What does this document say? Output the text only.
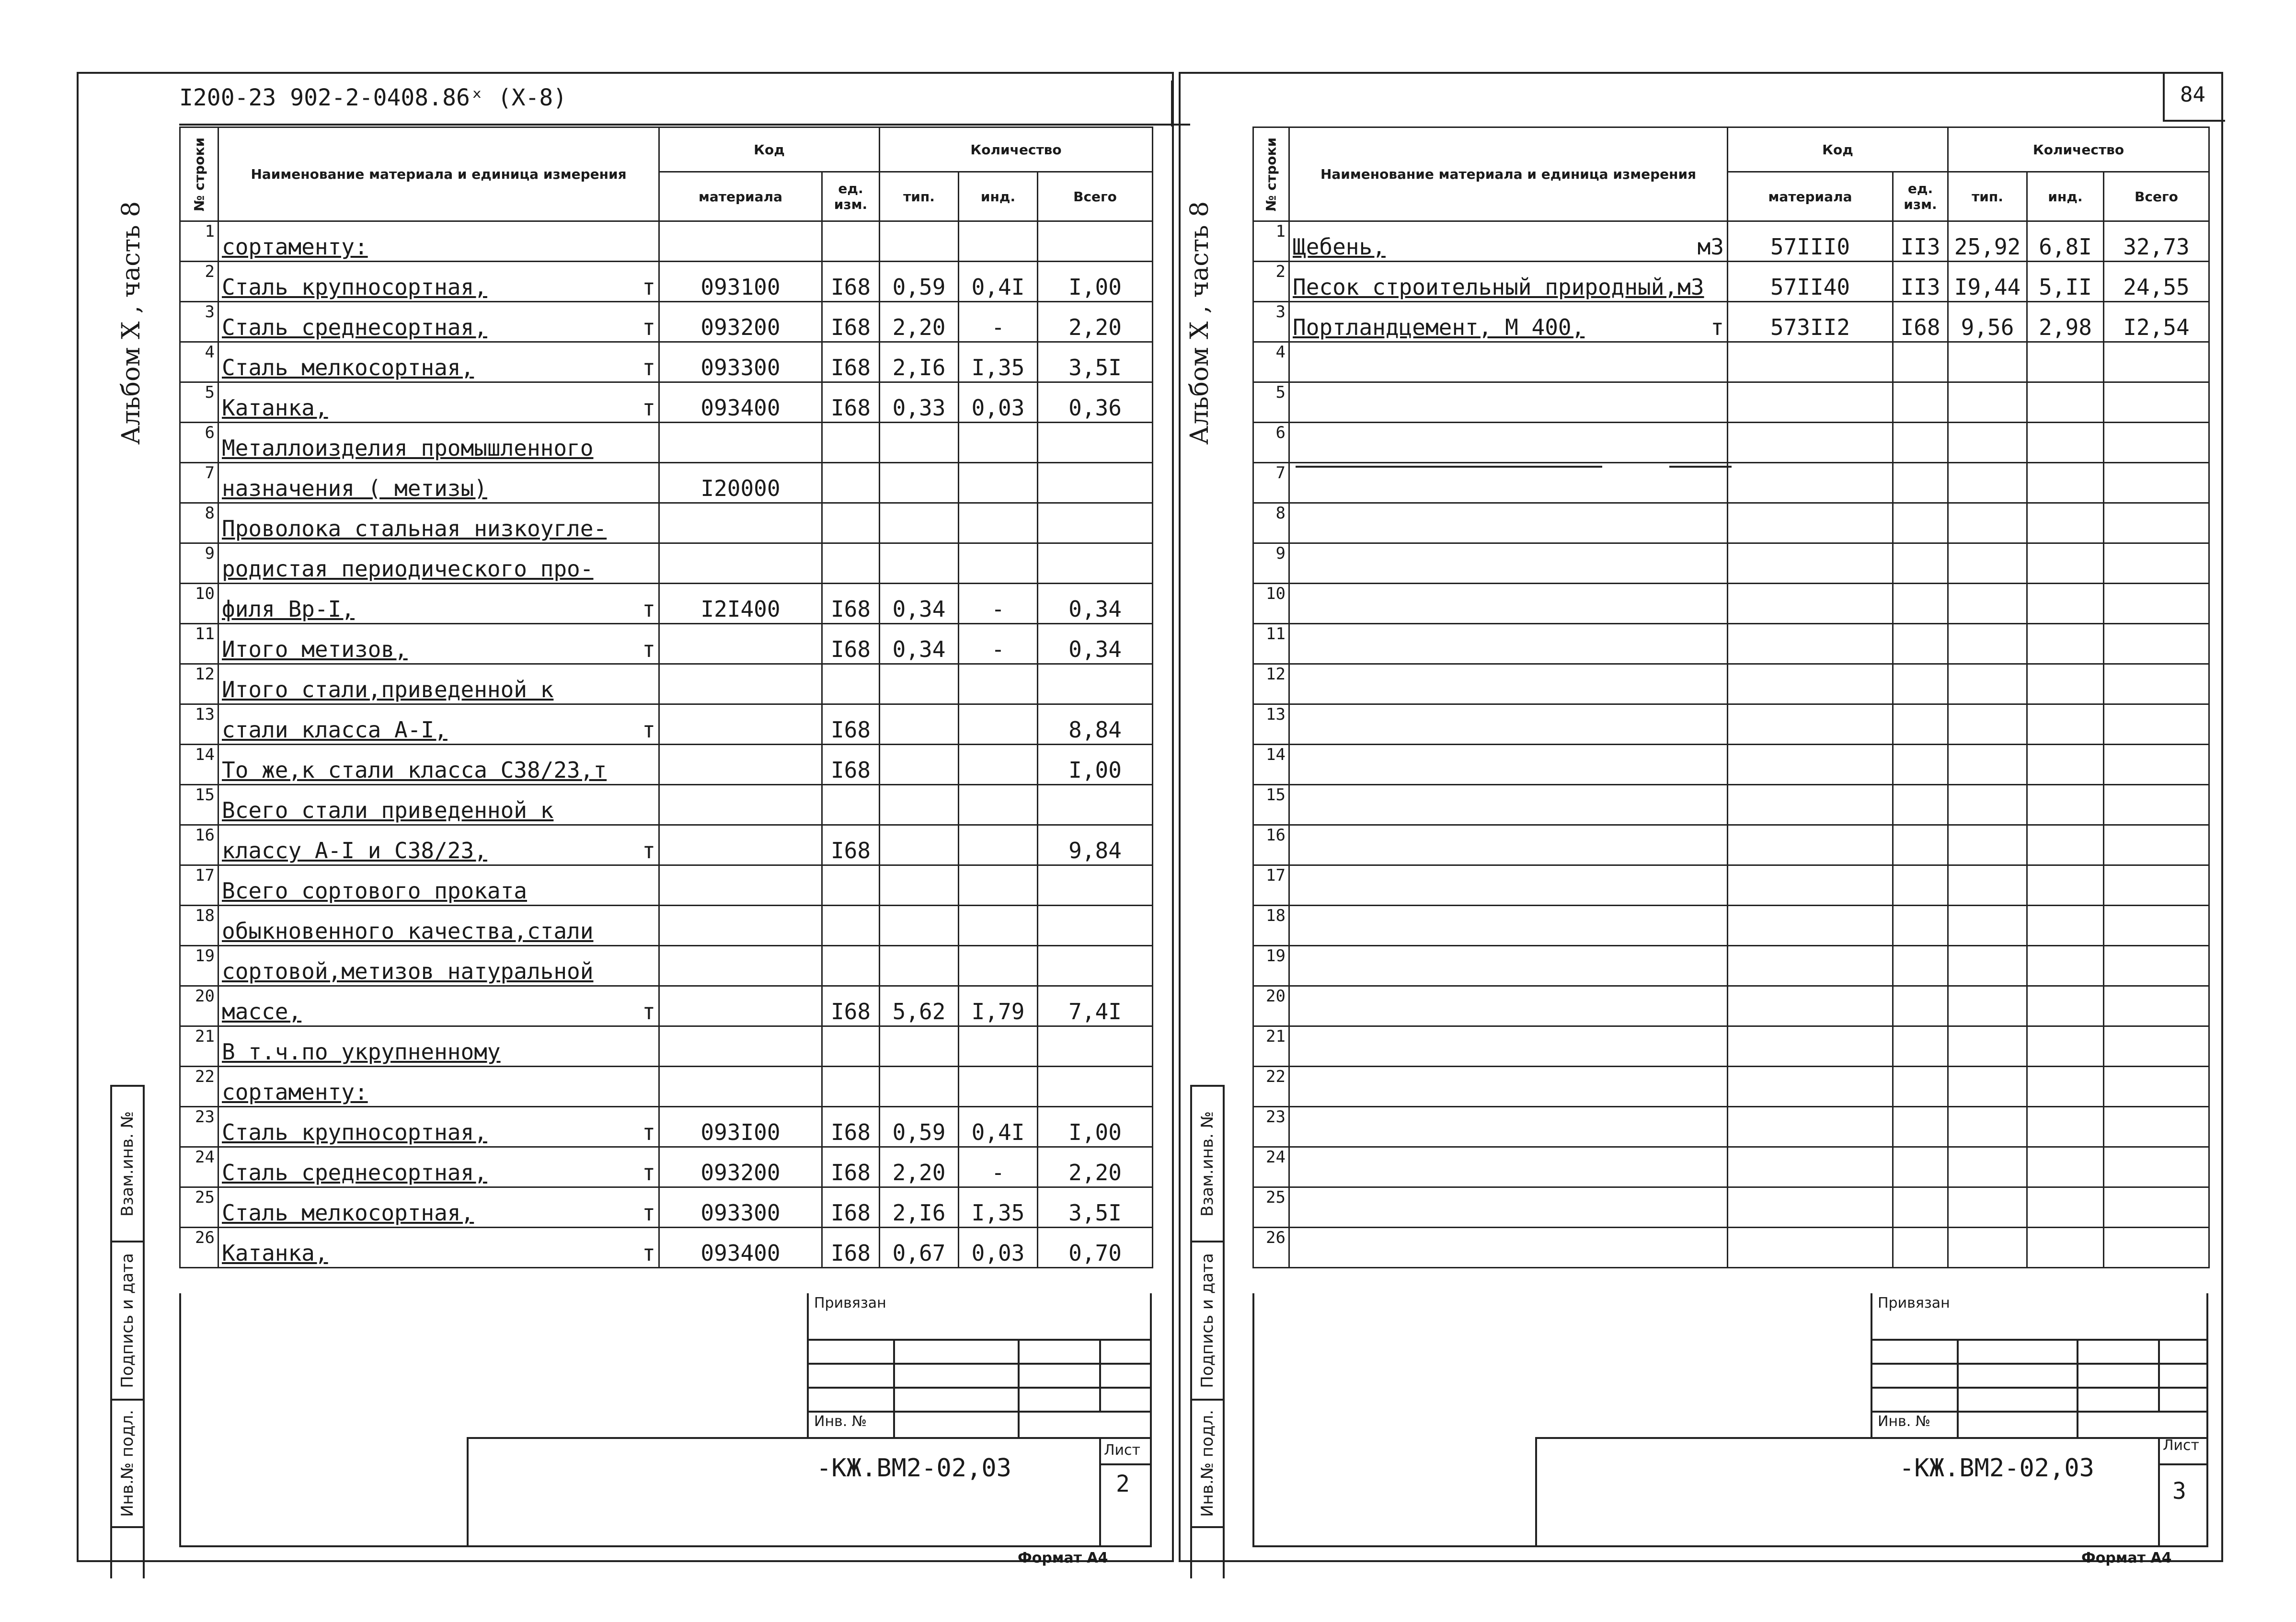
I200-23 902-2-0408.86ˣ (X-8)
Альбом X , часть 8
Взам.инв. №
Подпись и дата
Инв.№ подл.
№ строки	Наименование материала и единица измерения	Код		Количество		
		материала	ед. изм.	тип.	инд.	Всего
1	сортаменту:

2	Сталь крупносортная, т	093100	I68	0,59	0,4I	I,00
3	Сталь среднесортная, т	093200	I68	2,20	-	2,20
4	Сталь мелкосортная, т	093300	I68	2,I6	I,35	3,5I
5	Катанка, т	093400	I68	0,33	0,03	0,36
6	Металлоизделия промышленного

7	назначения ( метизы)	I20000				
8	Проволока стальная низкоугле-

9	родистая периодического про-

10	филя Вр-I, т	I2I400	I68	0,34	-	0,34
11	Итого метизов, т		I68	0,34	-	0,34
12	Итого стали,приведенной к

13	стали класса А-I, т		I68			8,84
14	То же,к стали класса С38/23,т		I68			I,00
15	Всего стали приведенной к

16	классу А-I и С38/23, т		I68			9,84
17	Всего сортового проката

18	обыкновенного качества,стали

19	сортовой,метизов натуральной

20	массе, т		I68	5,62	I,79	7,4I
21	В т.ч.по укрупненному

22	сортаменту:

23	Сталь крупносортная, т	093I00	I68	0,59	0,4I	I,00
24	Сталь среднесортная, т	093200	I68	2,20	-	2,20
25	Сталь мелкосортная, т	093300	I68	2,I6	I,35	3,5I
26	Катанка, т	093400	I68	0,67	0,03	0,70
Привязан
Инв. №
-КЖ.ВМ2-02,03
Лист
2
Формат А4
84
Альбом X , часть 8
Взам.инв. №
Подпись и дата
Инв.№ подл.
№ строки	Наименование материала и единица измерения	Код		Количество		
		материала	ед. изм.	тип.	инд.	Всего
1	Щебень, м3	57III0	II3	25,92	6,8I	32,73
2	Песок строительный природный,м3	57II40	II3	I9,44	5,II	24,55
3	Портландцемент, М 400, т	573II2	I68	9,56	2,98	I2,54
4	

5	

6	

7	

8	

9	

10	

11	

12	

13	

14	

15	

16	

17	

18	

19	

20	

21	

22	

23	

24	

25	

26	

Привязан
Инв. №
-КЖ.ВМ2-02,03
Лист
3
Формат А4
